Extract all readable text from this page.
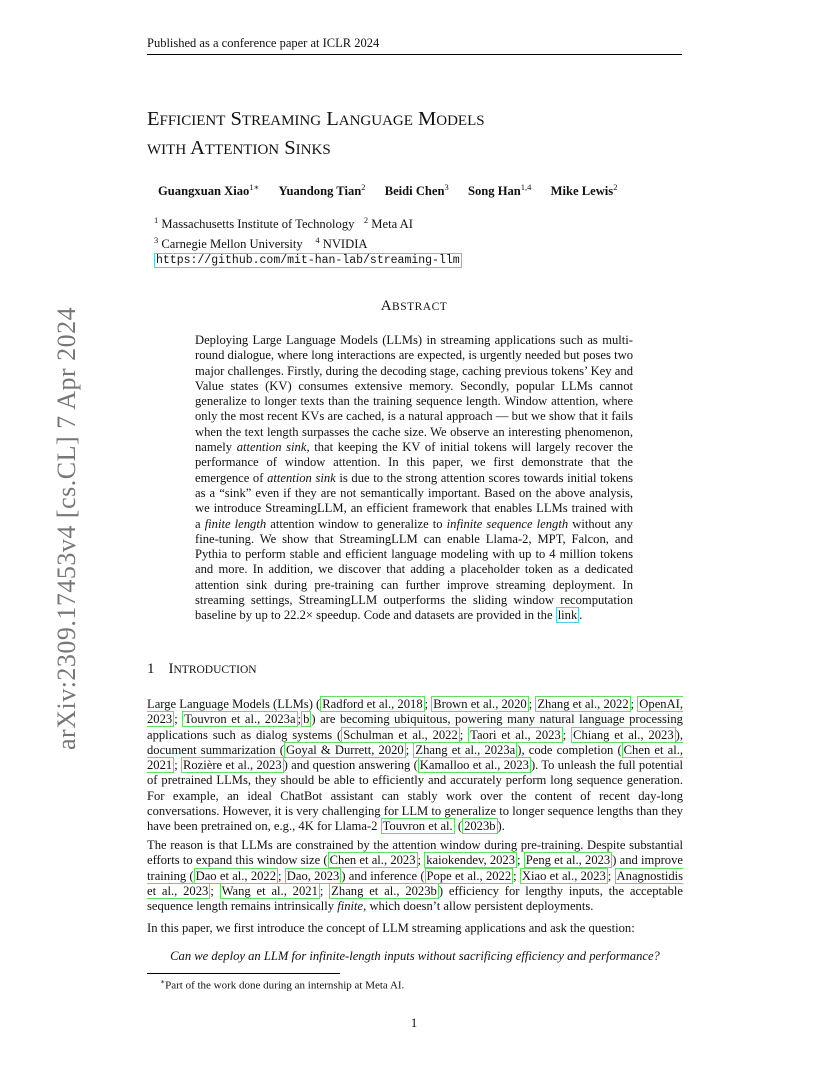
Published as a conference paper at ICLR 2024
EFFICIENT STREAMING LANGUAGE MODELS
WITH ATTENTION SINKS
Guangxuan Xiao$^{1∗}$ Yuandong Tian$^2$ Beidi Chen$^3$ Song Han$^{1,4}$ Mike Lewis$^2$
$^1$ Massachusetts Institute of Technology $^2$ Meta AI
$^3$ Carnegie Mellon University $^4$ NVIDIA
https://github.com/mit-han-lab/streaming-llm
ABSTRACT
Deploying Large Language Models (LLMs) in streaming applications such as multi-round dialogue, where long interactions are expected, is urgently needed but poses two major challenges. Firstly, during the decoding stage, caching previous tokens’ Key and Value states (KV) consumes extensive memory. Secondly, popular LLMs cannot generalize to longer texts than the training sequence length. Window attention, where only the most recent KVs are cached, is a natural approach — but we show that it fails when the text length surpasses the cache size. We observe an interesting phenomenon, namely attention sink, that keeping the KV of initial tokens will largely recover the performance of window attention. In this paper, we first demonstrate that the emergence of attention sink is due to the strong attention scores towards initial tokens as a “sink” even if they are not semantically important. Based on the above analysis, we introduce StreamingLLM, an efficient framework that enables LLMs trained with a finite length attention window to generalize to infinite sequence length without any fine-tuning. We show that StreamingLLM can enable Llama-2, MPT, Falcon, and Pythia to perform stable and efficient language modeling with up to 4 million tokens and more. In addition, we discover that adding a placeholder token as a dedicated attention sink during pre-training can further improve streaming deployment. In streaming settings, StreamingLLM outperforms the sliding window recomputation baseline by up to 22.2× speedup. Code and datasets are provided in the link .
1 INTRODUCTION
Large Language Models (LLMs) ( Radford et al., 2018 ; Brown et al., 2020 ; Zhang et al., 2022 ; OpenAI, 2023 ; Touvron et al., 2023a ; b ) are becoming ubiquitous, powering many natural language processing applications such as dialog systems ( Schulman et al., 2022 ; Taori et al., 2023 ; Chiang et al., 2023 ), document summarization ( Goyal & Durrett, 2020 ; Zhang et al., 2023a ), code completion ( Chen et al., 2021 ; Rozière et al., 2023 ) and question answering ( Kamalloo et al., 2023 ). To unleash the full potential of pretrained LLMs, they should be able to efficiently and accurately perform long sequence generation. For example, an ideal ChatBot assistant can stably work over the content of recent day-long conversations. However, it is very challenging for LLM to generalize to longer sequence lengths than they have been pretrained on, e.g., 4K for Llama-2 Touvron et al. ( 2023b ).
The reason is that LLMs are constrained by the attention window during pre-training. Despite substantial efforts to expand this window size ( Chen et al., 2023 ; kaiokendev, 2023 ; Peng et al., 2023 ) and improve training ( Dao et al., 2022 ; Dao, 2023 ) and inference ( Pope et al., 2022 ; Xiao et al., 2023 ; Anagnostidis et al., 2023 ; Wang et al., 2021 ; Zhang et al., 2023b ) efficiency for lengthy inputs, the acceptable sequence length remains intrinsically finite, which doesn’t allow persistent deployments.
In this paper, we first introduce the concept of LLM streaming applications and ask the question:
Can we deploy an LLM for infinite-length inputs without sacrificing efficiency and performance?
∗Part of the work done during an internship at Meta AI.
1
arXiv:2309.17453v4 [cs.CL] 7 Apr 2024
